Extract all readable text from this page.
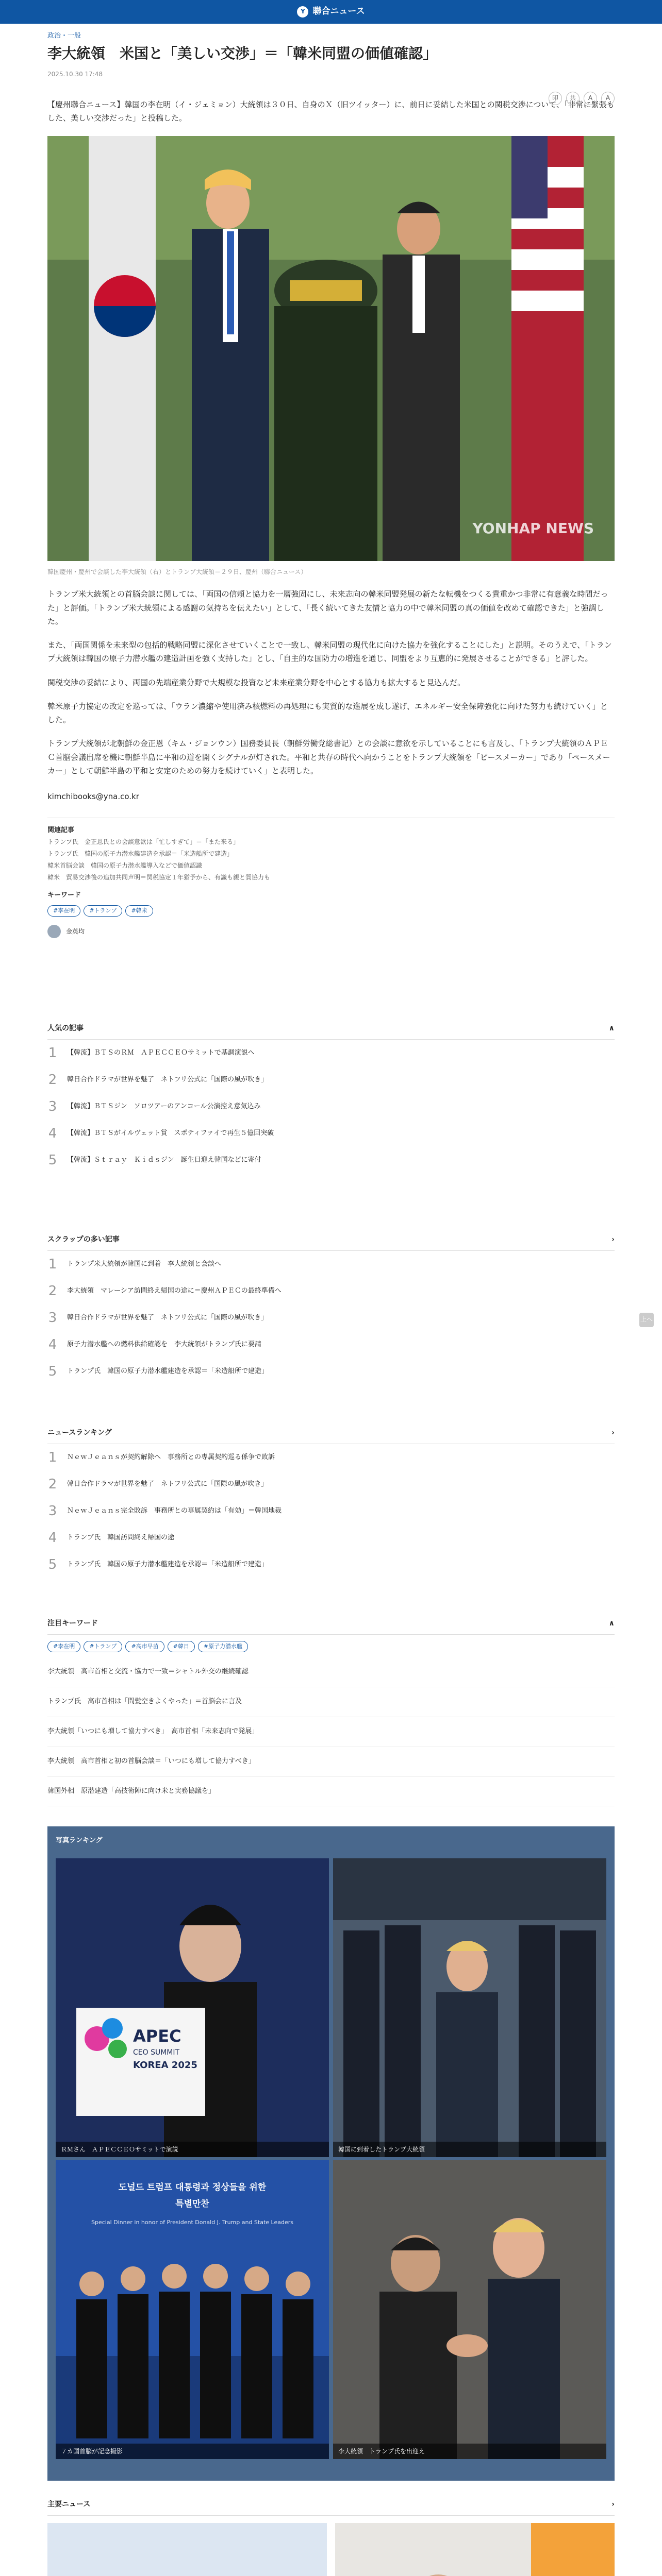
Y 聯合ニュース
政治・一般
李大統領　米国と「美しい交渉」＝「韓米同盟の価値確認」
2025.10.30 17:48
印	共	A	A
【慶州聯合ニュース】韓国の李在明（イ・ジェミョン）大統領は３０日、自身のＸ（旧ツイッター）に、前日に妥結した米国との関税交渉について、「非常に緊張もした、美しい交渉だった」と投稿した。
YONHAP NEWS
韓国慶州・慶州で会談した李大統領（右）とトランプ大統領＝２９日、慶州（聯合ニュース）
トランプ米大統領との首脳会談に関しては、「両国の信頼と協力を一層強固にし、未来志向の韓米同盟発展の新たな転機をつくる貴重かつ非常に有意義な時間だった」と評価。「トランプ米大統領による感謝の気持ちを伝えたい」として、「長く続いてきた友情と協力の中で韓米同盟の真の価値を改めて確認できた」と強調した。
また、「両国関係を未来型の包括的戦略同盟に深化させていくことで一致し、韓米同盟の現代化に向けた協力を強化することにした」と説明。そのうえで、「トランプ大統領は韓国の原子力潜水艦の建造計画を強く支持した」とし、「自主的な国防力の増進を通じ、同盟をより互恵的に発展させることができる」と評した。
関税交渉の妥結により、両国の先端産業分野で大規模な投資など未来産業分野を中心とする協力も拡大すると見込んだ。
韓米原子力協定の改定を巡っては、「ウラン濃縮や使用済み核燃料の再処理にも実質的な進展を成し遂げ、エネルギー安全保障強化に向けた努力も続けていく」とした。
トランプ大統領が北朝鮮の金正恩（キム・ジョンウン）国務委員長（朝鮮労働党総書記）との会談に意欲を示していることにも言及し、「トランプ大統領のＡＰＥＣ首脳会議出席を機に朝鮮半島に平和の道を開くシグナルが灯された。平和と共存の時代へ向かうことをトランプ大統領を「ピースメーカー」であり「ペースメーカー」として朝鮮半島の平和と安定のための努力を続けていく」と表明した。
kimchibooks@yna.co.kr
関連記事
トランプ氏　金正恩氏との会談意欲は「忙しすぎて」＝「また来る」
トランプ氏　韓国の原子力潜水艦建造を承認＝「米造船所で建造」
韓米首脳会談　韓国の原子力潜水艦導入などで価値認識
韓米　貿易交渉後の追加共同声明＝関税協定１年猶予から、有識も親と質協力も
キーワード
#李在明	#トランプ	#韓米
金英均
人気の記事	∧
1 【韓流】ＢＴＳのＲＭ　ＡＰＥＣＣＥＯサミットで基調演説へ
2 韓日合作ドラマが世界を魅了　ネトフリ公式に「国際の風が吹き」
3 【韓流】ＢＴＳジン　ソロツアーのアンコール公演控え意気込み
4 【韓流】ＢＴＳがイルヴェット賞　スポティファイで再生５億回突破
5 【韓流】Ｓｔｒａｙ　Ｋｉｄｓジン　誕生日迎え韓国などに寄付
スクラップの多い記事	›
1 トランプ米大統領が韓国に到着　李大統領と会談へ
2 李大統領　マレーシア訪問終え帰国の途に＝慶州ＡＰＥＣの最終準備へ
3 韓日合作ドラマが世界を魅了　ネトフリ公式に「国際の風が吹き」
4 原子力潜水艦への燃料供給確認を　李大統領がトランプ氏に要請
5 トランプ氏　韓国の原子力潜水艦建造を承認＝「米造船所で建造」
ニュースランキング	›
1 ＮｅｗＪｅａｎｓが契約解除へ　事務所との専属契約巡る係争で敗訴
2 韓日合作ドラマが世界を魅了　ネトフリ公式に「国際の風が吹き」
3 ＮｅｗＪｅａｎｓ完全敗訴　事務所との専属契約は「有効」＝韓国地裁
4 トランプ氏　韓国訪問終え帰国の途
5 トランプ氏　韓国の原子力潜水艦建造を承認＝「米造船所で建造」
注目キーワード	∧
#李在明	#トランプ	#高市早苗	#韓日	#原子力潜水艦
李大統領　高市首相と交流・協力で一致＝シャトル外交の継続確認
トランプ氏　高市首相は「間髪空きよくやった」＝首脳会に言及
李大統領「いつにも増して協力すべき」　高市首相「未来志向で発展」
李大統領　高市首相と初の首脳会談＝「いつにも増して協力すべき」
韓国外相　原潜建造「高技術陣に向け米と実務協議を」
写真ランキング
APEC
CEO SUMMIT
KOREA 2025
ＲＭさん　ＡＰＥＣＣＥＯサミットで演説	韓国に到着したトランプ大統領
도널드 트럼프 대통령과 정상들을 위한
특별만찬
Special Dinner in honor of President Donald J. Trump and State Leaders
７カ国首脳が記念撮影	李大統領　トランプ氏を出迎え
主要ニュース	›
上へ
